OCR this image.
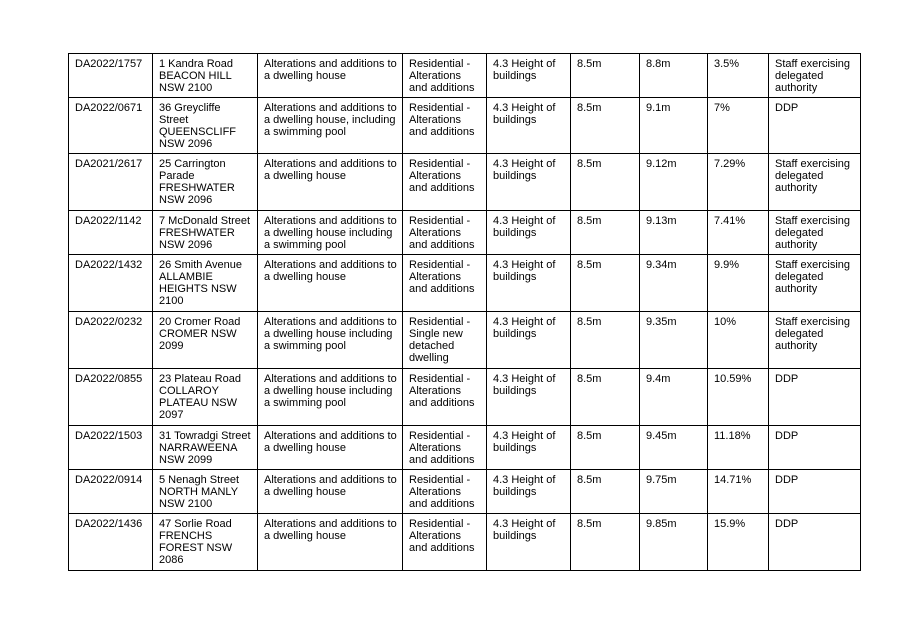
DA2022/1757	1 Kandra Road
BEACON HILL
NSW 2100	Alterations and additions to a dwelling house	Residential - Alterations and additions	4.3 Height of buildings	8.5m	8.8m	3.5%	Staff exercising delegated authority
DA2022/0671	36 Greycliffe Street
QUEENSCLIFF
NSW 2096	Alterations and additions to a dwelling house, including a swimming pool	Residential - Alterations and additions	4.3 Height of buildings	8.5m	9.1m	7%	DDP
DA2021/2617	25 Carrington
Parade
FRESHWATER
NSW 2096	Alterations and additions to a dwelling house	Residential - Alterations and additions	4.3 Height of buildings	8.5m	9.12m	7.29%	Staff exercising delegated authority
DA2022/1142	7 McDonald Street
FRESHWATER
NSW 2096	Alterations and additions to a dwelling house including a swimming pool	Residential - Alterations and additions	4.3 Height of buildings	8.5m	9.13m	7.41%	Staff exercising delegated authority
DA2022/1432	26 Smith Avenue
ALLAMBIE
HEIGHTS NSW
2100	Alterations and additions to a dwelling house	Residential - Alterations and additions	4.3 Height of buildings	8.5m	9.34m	9.9%	Staff exercising delegated authority
DA2022/0232	20 Cromer Road
CROMER NSW
2099	Alterations and additions to a dwelling house including a swimming pool	Residential - Single new detached dwelling	4.3 Height of buildings	8.5m	9.35m	10%	Staff exercising delegated authority
DA2022/0855	23 Plateau Road
COLLAROY
PLATEAU NSW
2097	Alterations and additions to a dwelling house including a swimming pool	Residential - Alterations and additions	4.3 Height of buildings	8.5m	9.4m	10.59%	DDP
DA2022/1503	31 Towradgi Street
NARRAWEENA
NSW 2099	Alterations and additions to a dwelling house	Residential - Alterations and additions	4.3 Height of buildings	8.5m	9.45m	11.18%	DDP
DA2022/0914	5 Nenagh Street
NORTH MANLY
NSW 2100	Alterations and additions to a dwelling house	Residential - Alterations and additions	4.3 Height of buildings	8.5m	9.75m	14.71%	DDP
DA2022/1436	47 Sorlie Road
FRENCHS
FOREST NSW
2086	Alterations and additions to a dwelling house	Residential - Alterations and additions	4.3 Height of buildings	8.5m	9.85m	15.9%	DDP
